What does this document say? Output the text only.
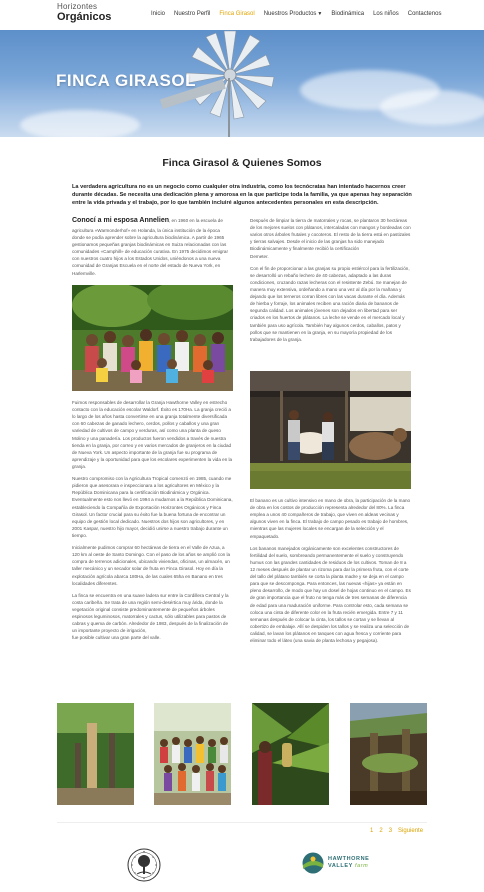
Horizontes
Orgánicos	Inicio Nuestro Perfil Finca Girasol Nuestros Productos▼ Biodinámica Los niños Contactenos
FINCA GIRASOL
Finca Girasol & Quienes Somos

La verdadera agricultura no es un negocio como cualquier otra industria, como los tecnócratas han intentado hacernos creer durante décadas. Se necesita una dedicación plena y amorosa en la que participe toda la familia, ya que apenas hay separación entre la vida privada y el trabajo, por lo que también incluiré algunos antecedentes personales en esta descripción.

Conocí a mi esposa Annelien, en 1960 en la escuela de agricultura «Warmonderhof» en Holanda, la única institución de la época donde se podía aprender sobre la agricultura biodinámica. A partir de 1965 gestionamos pequeñas granjas biodinámicas en Suiza relacionadas con las comunidades «Camphill» de educación curativa. En 1975 decidimos emigrar con nuestros cuatro hijos a los Estados Unidos, uniéndonos a una nueva comunidad de Granjas Escuela en el norte del estado de Nueva York, en Harlemville.

Fuimos responsables de desarrollar la Granja Hawthorne Valley en estrecho contacto con la educación escolar Waldorf. Éxito es 170Ha. La granja creció a lo largo de los años hasta convertirse en una granja totalmente diversificada con 60 cabezas de ganado lechero, cerdos, pollos y caballos y una gran variedad de cultivos de campo y verduras, así como una planta de queso Molino y una panadería. Los productos fueron vendidos a través de nuestra tienda en la granja, por correo y en varios mercados de granjeros en la ciudad de Nueva York. Un aspecto importante de la granja fue su programa de aprendizaje y la oportunidad para que los escolares experimenten la vida en la granja.

Nuestro compromiso con la Agricultura Tropical comenzó en 1985, cuando me pidieron que asesorara e inspeccionara a los agricultores en México y la República Dominicana para la certificación Biodinámica y Orgánica. Eventualmente esto nos llevó en 1994 a mudarnos a la República Dominicana, estableciendo la Compañía de Exportación Horizontes Orgánicos y Finca Girasol. Un factor crucial para su éxito fue la buena fortuna de encontrar un equipo de gestión local dedicado. Nuestros dos hijos son agricultores, y en 2001 Kaspar, nuestro hijo mayor, decidió unirse a nuestro trabajo durante un tiempo.

Inicialmente pudimos comprar 60 hectáreas de tierra en el Valle de Azua, a 120 km al oeste de Santo Domingo. Con el paso de los años se amplió con la compra de terrenos adicionales, ubicando viviendas, oficinas, un almacén, un taller mecánico y un secador solar de fruta en Finca Girasol. Hoy en día la explotación agrícola abarca 180Ha, de las cuales 65ha en Banano en tres localidades diferentes.

La finca se encuentra en una suave ladera sur entre la Cordillera Central y la costa caribeña. Se trata de una región semi-desértica muy árida, donde la vegetación original consiste predominantemente de pequeños árboles espinosos leguminosos, matorrales y cactus, sólo utilizables para pastos de cabras y quema de carbón. Alrededor de 1983, después de la finalización de un importante proyecto de irrigación,

fue posible cultivar una gran parte del valle.

Después de limpiar la tierra de matorrales y rocas, se plantaron 30 hectáreas de los mejores suelos con plátanos, intercaladas con mangos y bordeadas con varios otros árboles frutales y cocoteros. El resto de la tierra está en pastizales y tierras salvajes. Desde el inicio de las granjas ha sido manejado Biodinámicamente y finalmente recibió la certificación

Demeter.

Con el fin de proporcionar a las granjas su propio estiércol para la fertilización, se desarrolló un rebaño lechero de 40 cabezas, adaptado a las duras condiciones, cruzando razas lecheras con el resistente Zebú. Se manejan de manera muy extensiva, ordeñando a mano una vez al día por la mañana y dejando que los terneros corran libres con las vacas durante el día. Además de hierba y forraje, los animales reciben una ración diaria de bananos de segunda calidad. Los animales jóvenes son dejados en libertad para ser criados en los huertos de plátanos. La leche se vende en el mercado local y también para uso agrícola. También hay algunos cerdos, caballos, patos y pollos que se mantienen en la granja, en su mayoría propiedad de los trabajadores de la granja.

El banano es un cultivo intensivo en mano de obra, la participación de la mano de obra en los costos de producción representa alrededor del 80%. La finca emplea a unos 40 compañeros de trabajo, que viven en aldeas vecinas y algunos viven en la finca. El trabajo de campo pesado es trabajo de hombres, mientras que las mujeres locales se encargan de la selección y el empaquetado.

Los bananos manejados orgánicamente son excelentes constructores de fertilidad del suelo, sombreando permanentemente el suelo y construyendo humus con las grandes cantidades de residuos de los cultivos. Toman de 8 a 12 meses después de plantar un rizoma para dar la primera fruta, con el corte del tallo del plátano también se corta la planta madre y se deja en el campo para que se descomponga. Para entonces, las nuevas «hijas» ya están en pleno desarrollo, de modo que hay un dosel de hojas continuo en el campo. Es de gran importancia que el fruto no tenga más de tres semanas de diferencia de edad para una maduración uniforme. Para controlar esto, cada semana se coloca una cinta de diferente color en la fruta recién emergida. Entre 7 y 11 semanas después de colocar la cinta, los tallos se cortan y se llevan al cobertizo de embalaje. Allí se despiden los tallos y se realiza una selección de calidad, se lavan los plátanos en tanques con agua fresca y corriente para eliminar todo el látex (una savia de planta lechosa y pegajosa).

1 2 3 Siguiente
HAWTHORNE
VALLEY farm
